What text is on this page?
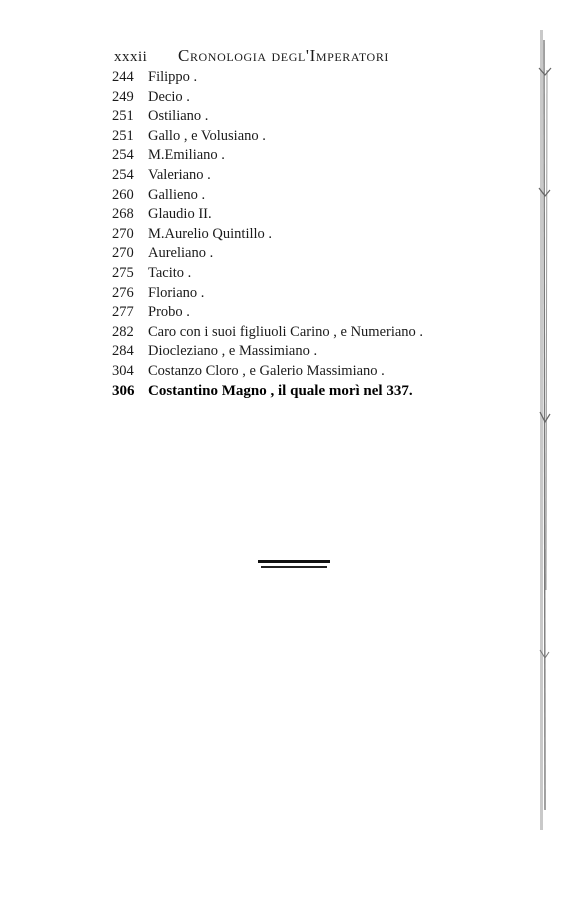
xxxii	Cronologia degl'Imperatori
244 Filippo .
249 Decio .
251 Ostiliano .
251 Gallo , e Volusiano .
254 M.Emiliano .
254 Valeriano .
260 Gallieno .
268 Glaudio II.
270 M.Aurelio Quintillo .
270 Aureliano .
275 Tacito .
276 Floriano .
277 Probo .
282 Caro con i suoi figliuoli Carino , e Numeriano .
284 Diocleziano , e Massimiano .
304 Costanzo Cloro , e Galerio Massimiano .
306 Costantino Magno , il quale morì nel 337.
